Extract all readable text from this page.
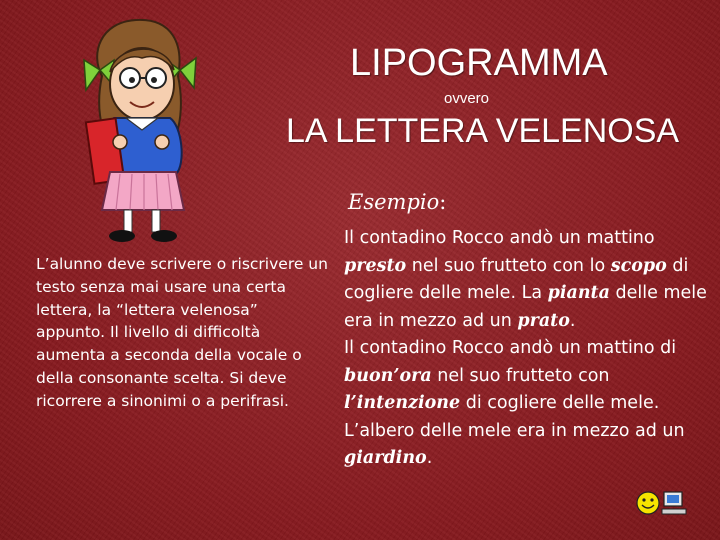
LIPOGRAMMA
ovvero
LA LETTERA VELENOSA
Esempio:
L’alunno deve scrivere o riscrivere un testo senza mai usare una certa lettera, la “lettera velenosa” appunto. Il livello di difficoltà aumenta a seconda della vocale o della consonante scelta. Si deve ricorrere a sinonimi o a perifrasi.

Il contadino Rocco andò un mattino presto nel suo frutteto con lo scopo di cogliere delle mele. La pianta delle mele era in mezzo ad un prato.

Il contadino Rocco andò un mattino di buon’ora nel suo frutteto con l’intenzione di cogliere delle mele. L’albero delle mele era in mezzo ad un giardino.
